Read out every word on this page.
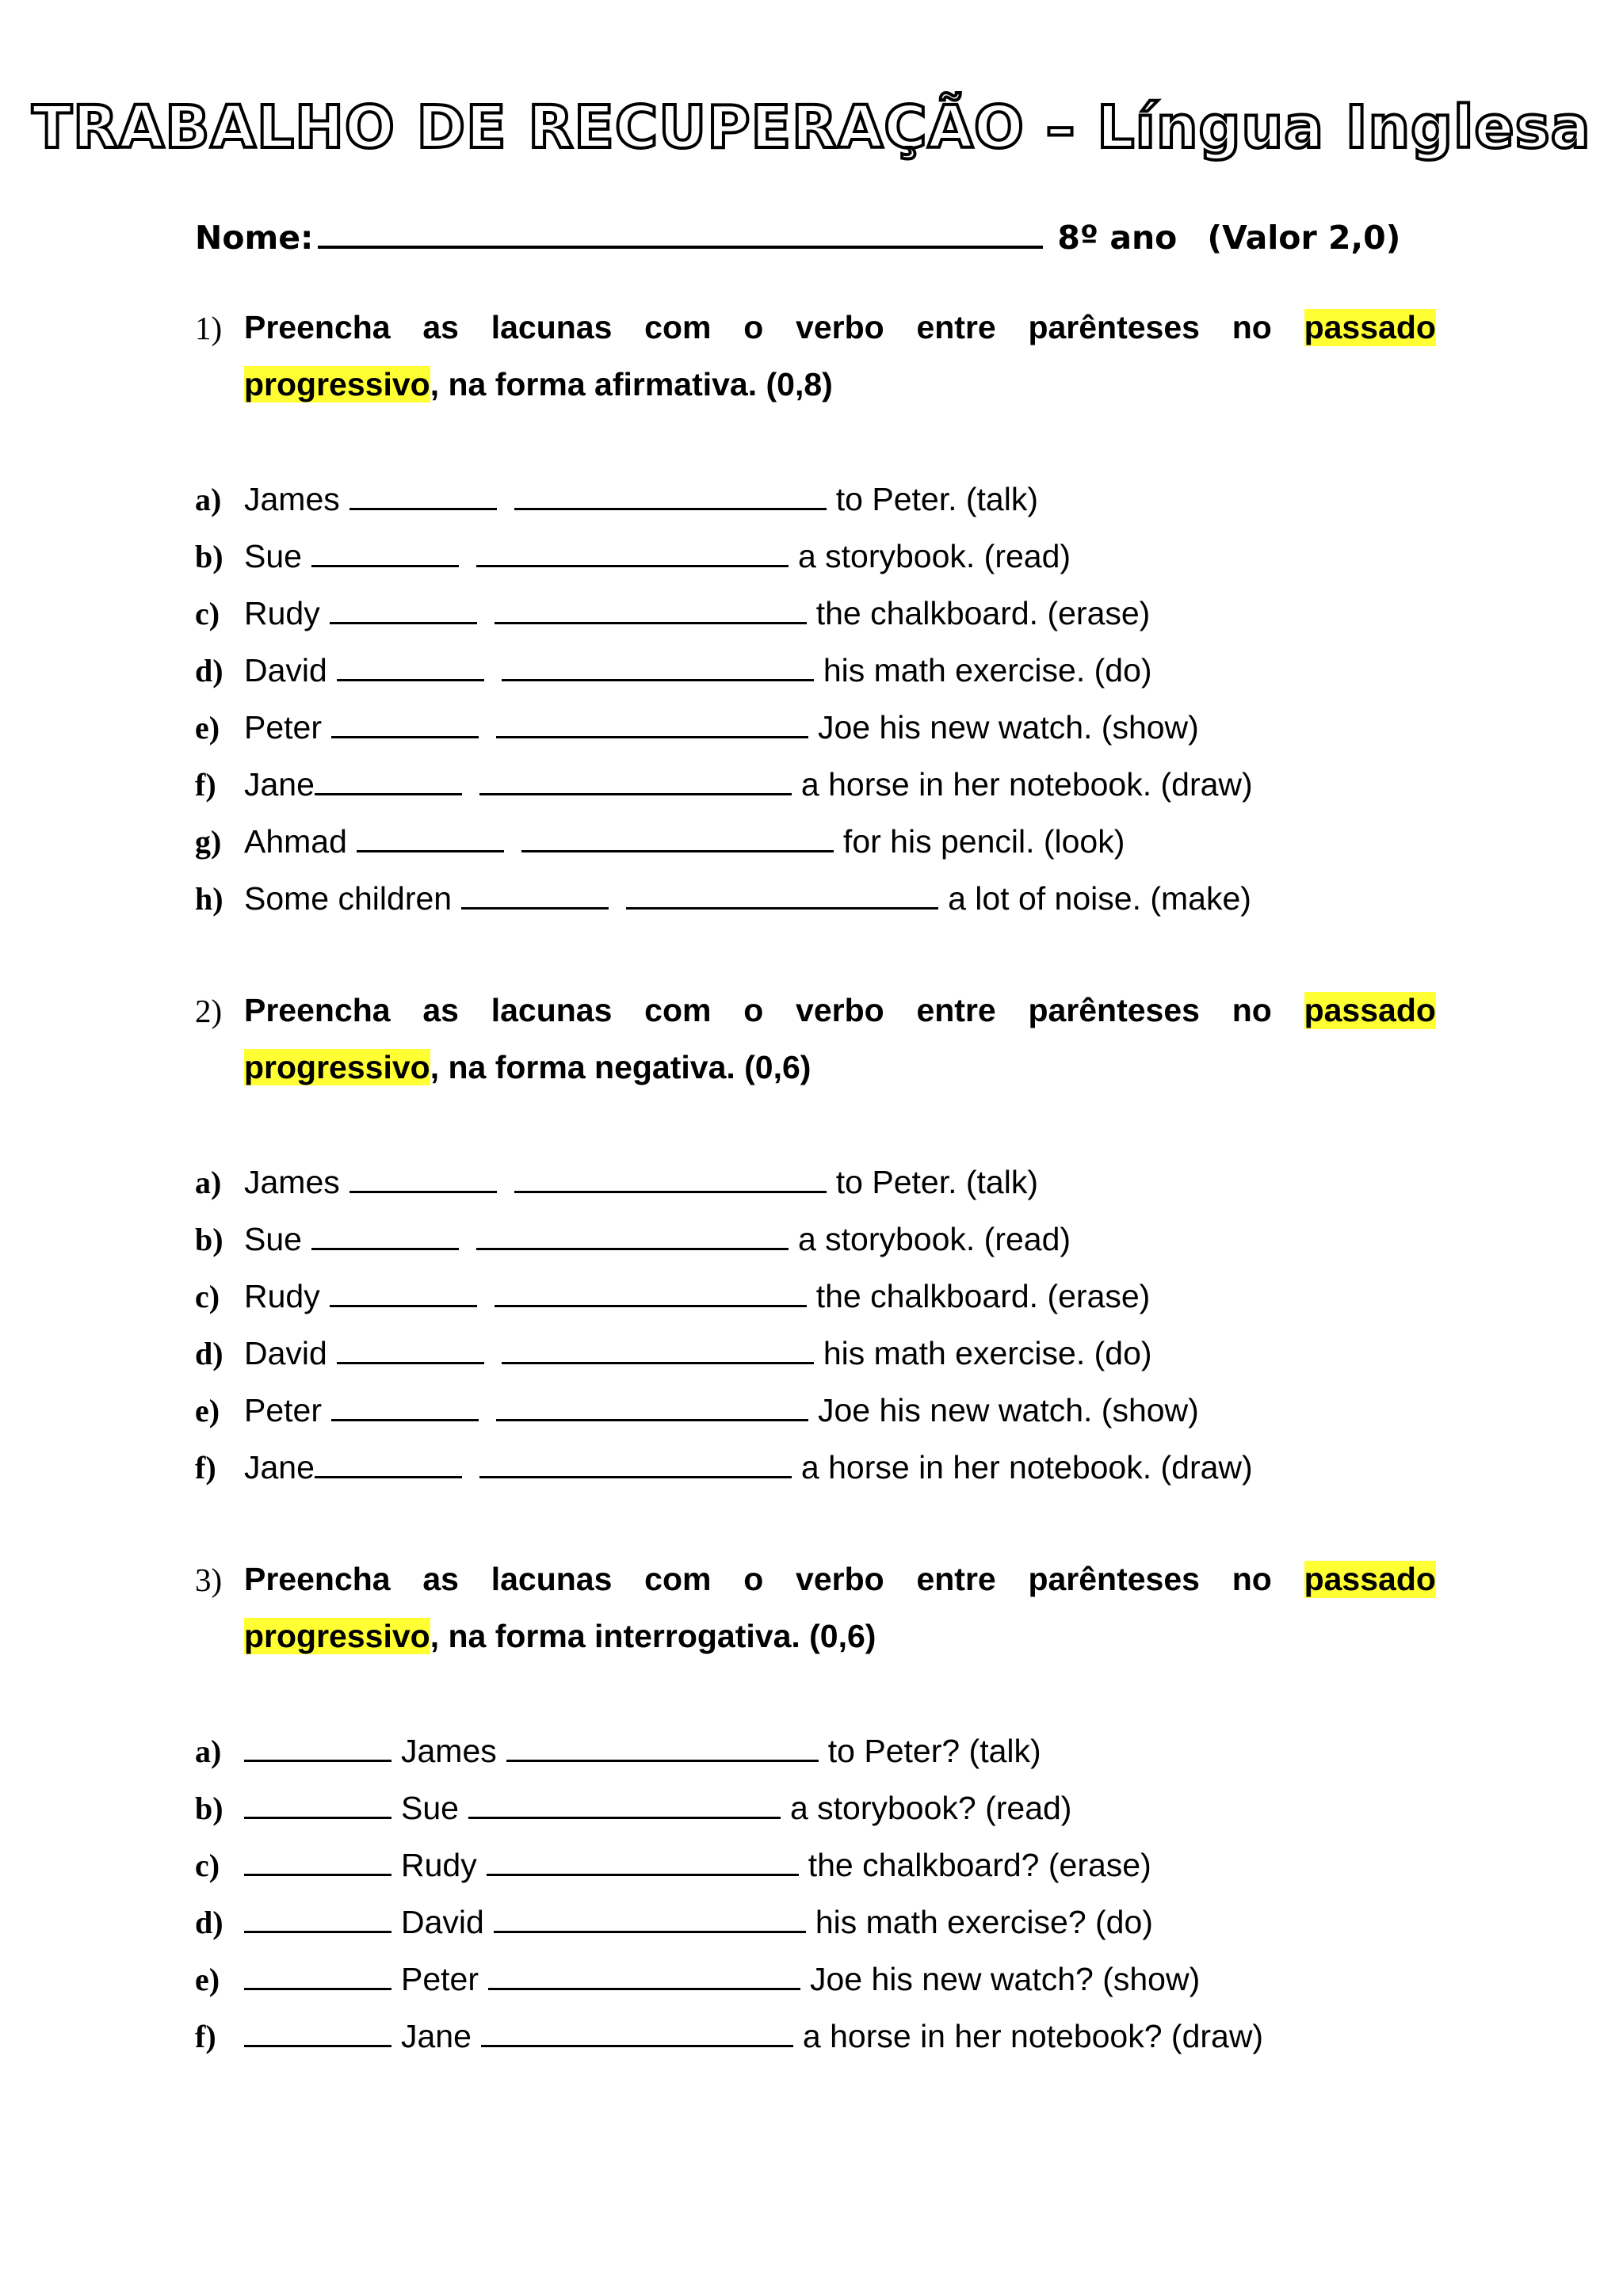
TRABALHO DE RECUPERAÇÃO – Língua Inglesa
Nome:	8º ano (Valor 2,0)
1) Preencha as lacunas com o verbo entre parênteses no passado
progressivo, na forma afirmativa. (0,8)
a) James	to Peter. (talk)
b) Sue	a storybook. (read)
c) Rudy	the chalkboard. (erase)
d) David	his math exercise. (do)
e) Peter	Joe his new watch. (show)
f) Jane	a horse in her notebook. (draw)
g) Ahmad	for his pencil. (look)
h) Some children	a lot of noise. (make)
2) Preencha as lacunas com o verbo entre parênteses no passado
progressivo, na forma negativa. (0,6)
a) James	to Peter. (talk)
b) Sue	a storybook. (read)
c) Rudy	the chalkboard. (erase)
d) David	his math exercise. (do)
e) Peter	Joe his new watch. (show)
f) Jane	a horse in her notebook. (draw)
3) Preencha as lacunas com o verbo entre parênteses no passado
progressivo, na forma interrogativa. (0,6)
a)	James	to Peter? (talk)
b)	Sue	a storybook? (read)
c)	Rudy	the chalkboard? (erase)
d)	David	his math exercise? (do)
e)	Peter	Joe his new watch? (show)
f)	Jane	a horse in her notebook? (draw)
